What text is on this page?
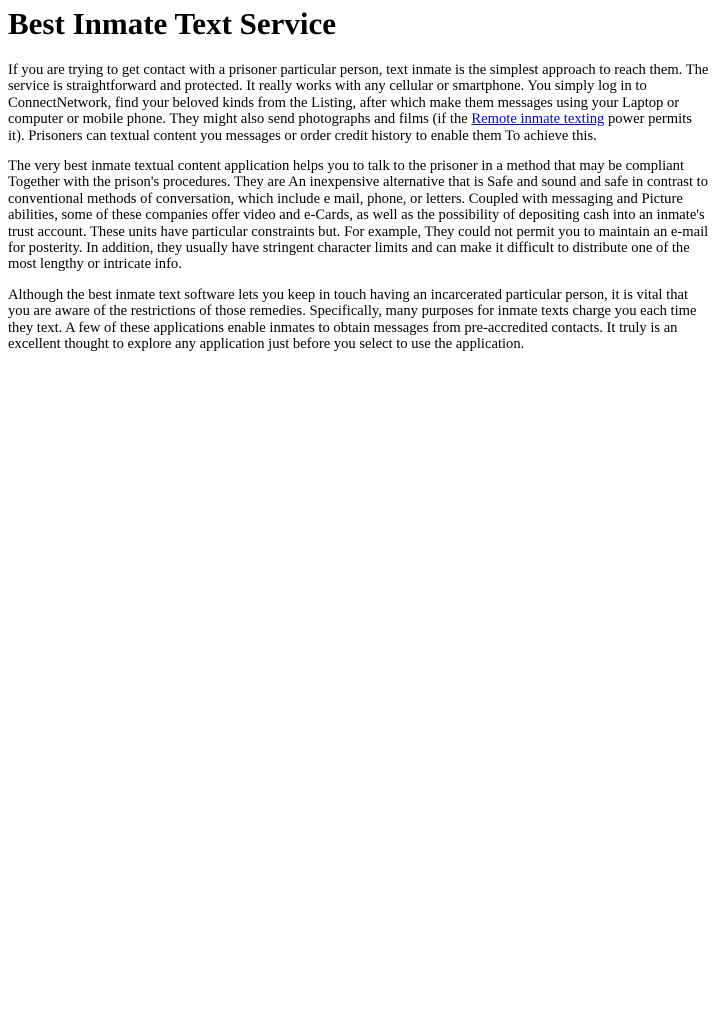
Best Inmate Text Service

If you are trying to get contact with a prisoner particular person, text inmate is the simplest approach to reach them. The service is straightforward and protected. It really works with any cellular or smartphone. You simply log in to ConnectNetwork, find your beloved kinds from the Listing, after which make them messages using your Laptop or computer or mobile phone. They might also send photographs and films (if the Remote inmate texting power permits it). Prisoners can textual content you messages or order credit history to enable them To achieve this.

The very best inmate textual content application helps you to talk to the prisoner in a method that may be compliant Together with the prison's procedures. They are An inexpensive alternative that is Safe and sound and safe in contrast to conventional methods of conversation, which include e mail, phone, or letters. Coupled with messaging and Picture abilities, some of these companies offer video and e-Cards, as well as the possibility of depositing cash into an inmate's trust account. These units have particular constraints but. For example, They could not permit you to maintain an e-mail for posterity. In addition, they usually have stringent character limits and can make it difficult to distribute one of the most lengthy or intricate info.

Although the best inmate text software lets you keep in touch having an incarcerated particular person, it is vital that you are aware of the restrictions of those remedies. Specifically, many purposes for inmate texts charge you each time they text. A few of these applications enable inmates to obtain messages from pre-accredited contacts. It truly is an excellent thought to explore any application just before you select to use the application.
